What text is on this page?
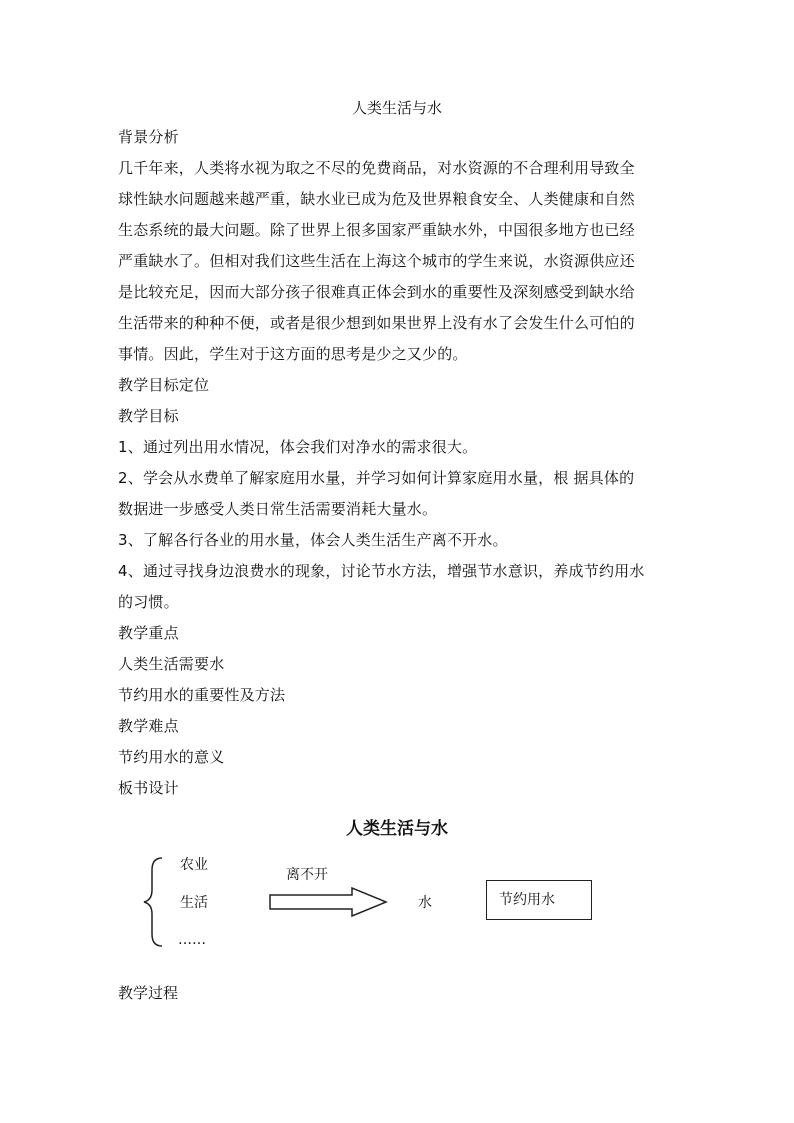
人类生活与水
背景分析
几千年来，人类将水视为取之不尽的免费商品，对水资源的不合理利用导致全
球性缺水问题越来越严重，缺水业已成为危及世界粮食安全、人类健康和自然
生态系统的最大问题。除了世界上很多国家严重缺水外，中国很多地方也已经
严重缺水了。但相对我们这些生活在上海这个城市的学生来说，水资源供应还
是比较充足，因而大部分孩子很难真正体会到水的重要性及深刻感受到缺水给
生活带来的种种不便，或者是很少想到如果世界上没有水了会发生什么可怕的
事情。因此，学生对于这方面的思考是少之又少的。
教学目标定位
教学目标
1、通过列出用水情况，体会我们对净水的需求很大。
2、学会从水费单了解家庭用水量，并学习如何计算家庭用水量，根 据具体的
数据进一步感受人类日常生活需要消耗大量水。
3、了解各行各业的用水量，体会人类生活生产离不开水。
4、通过寻找身边浪费水的现象，讨论节水方法，增强节水意识，养成节约用水
的习惯。
教学重点
人类生活需要水
节约用水的重要性及方法
教学难点
节约用水的意义
板书设计
人类生活与水
农业
生活
……
离不开
水	节约用水
教学过程
